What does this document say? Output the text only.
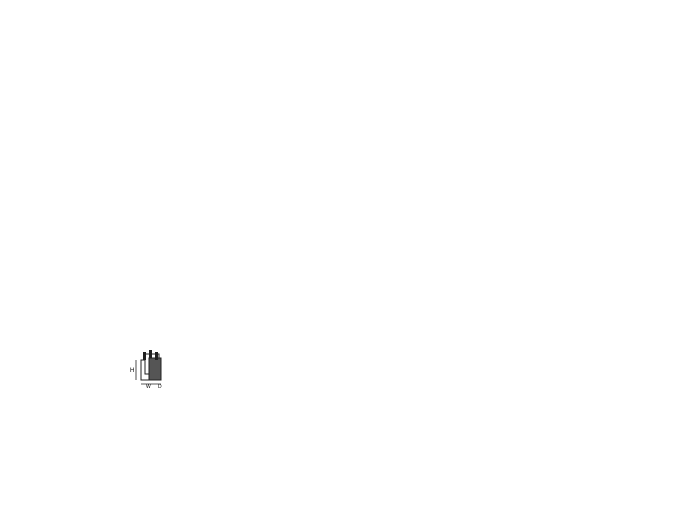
H
W D
